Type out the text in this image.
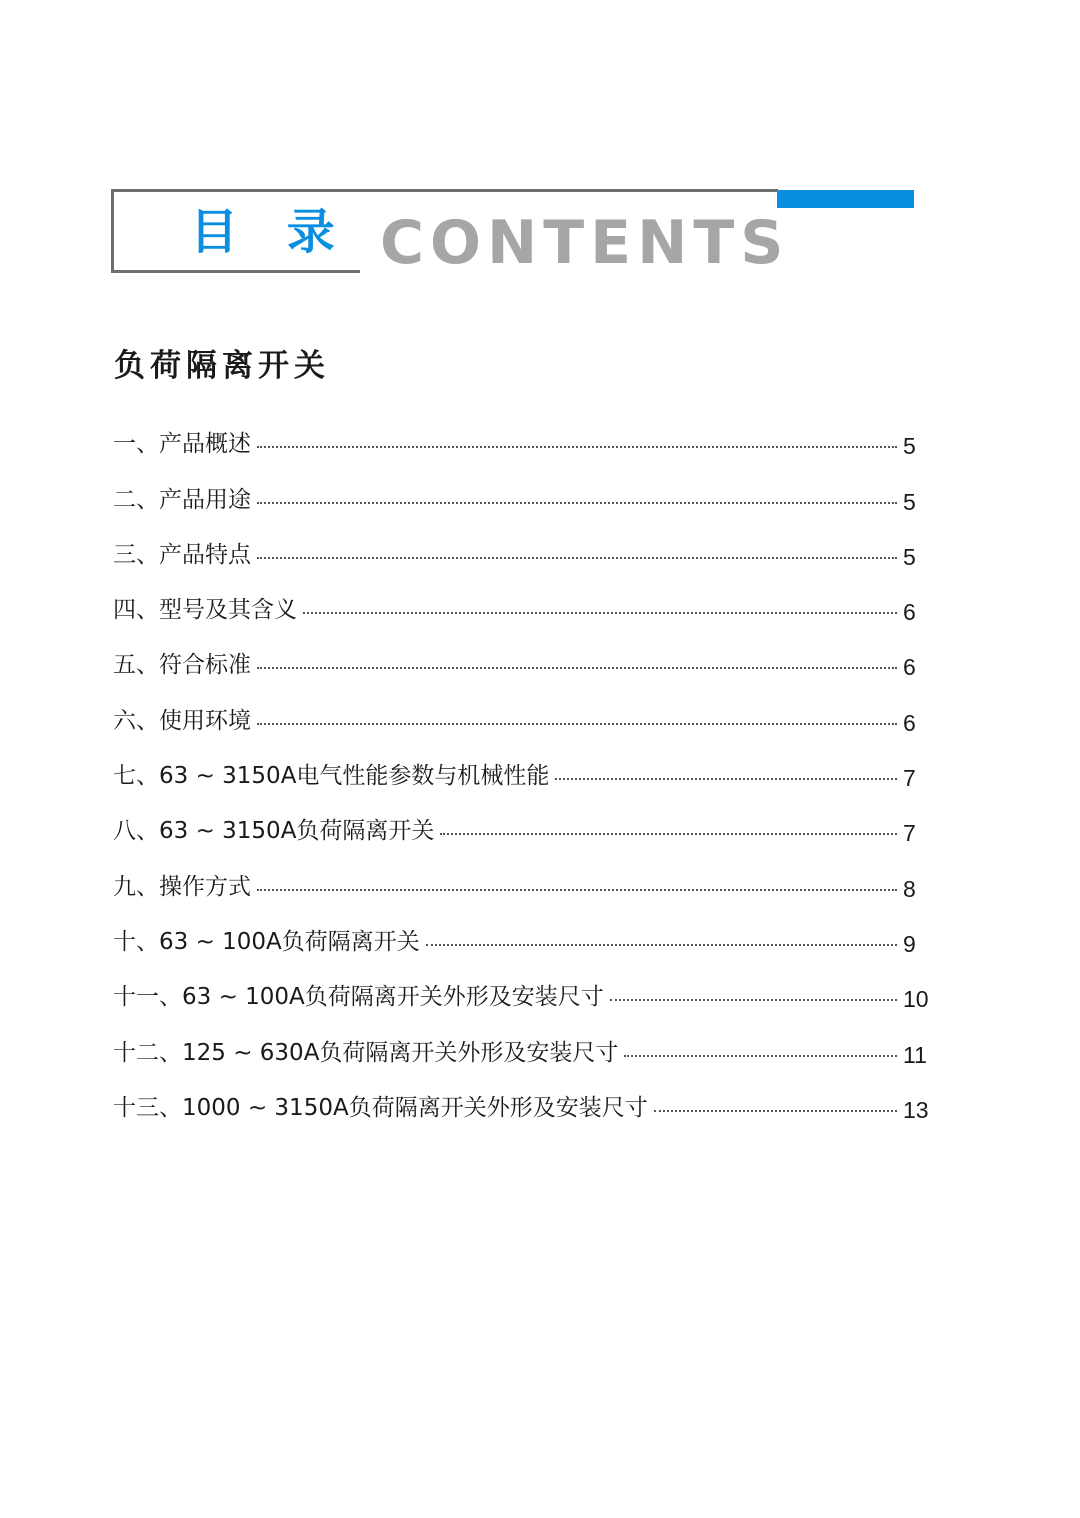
目 录 CONTENTS
负荷隔离开关
一、产品概述	5
二、产品用途	5
三、产品特点	5
四、型号及其含义	6
五、符合标准	6
六、使用环境	6
七、63 ~ 3150A电气性能参数与机械性能	7
八、63 ~ 3150A负荷隔离开关	7
九、操作方式	8
十、63 ~ 100A负荷隔离开关	9
十一、63 ~ 100A负荷隔离开关外形及安装尺寸	10
十二、125 ~ 630A负荷隔离开关外形及安装尺寸	11
十三、1000 ~ 3150A负荷隔离开关外形及安装尺寸	13
